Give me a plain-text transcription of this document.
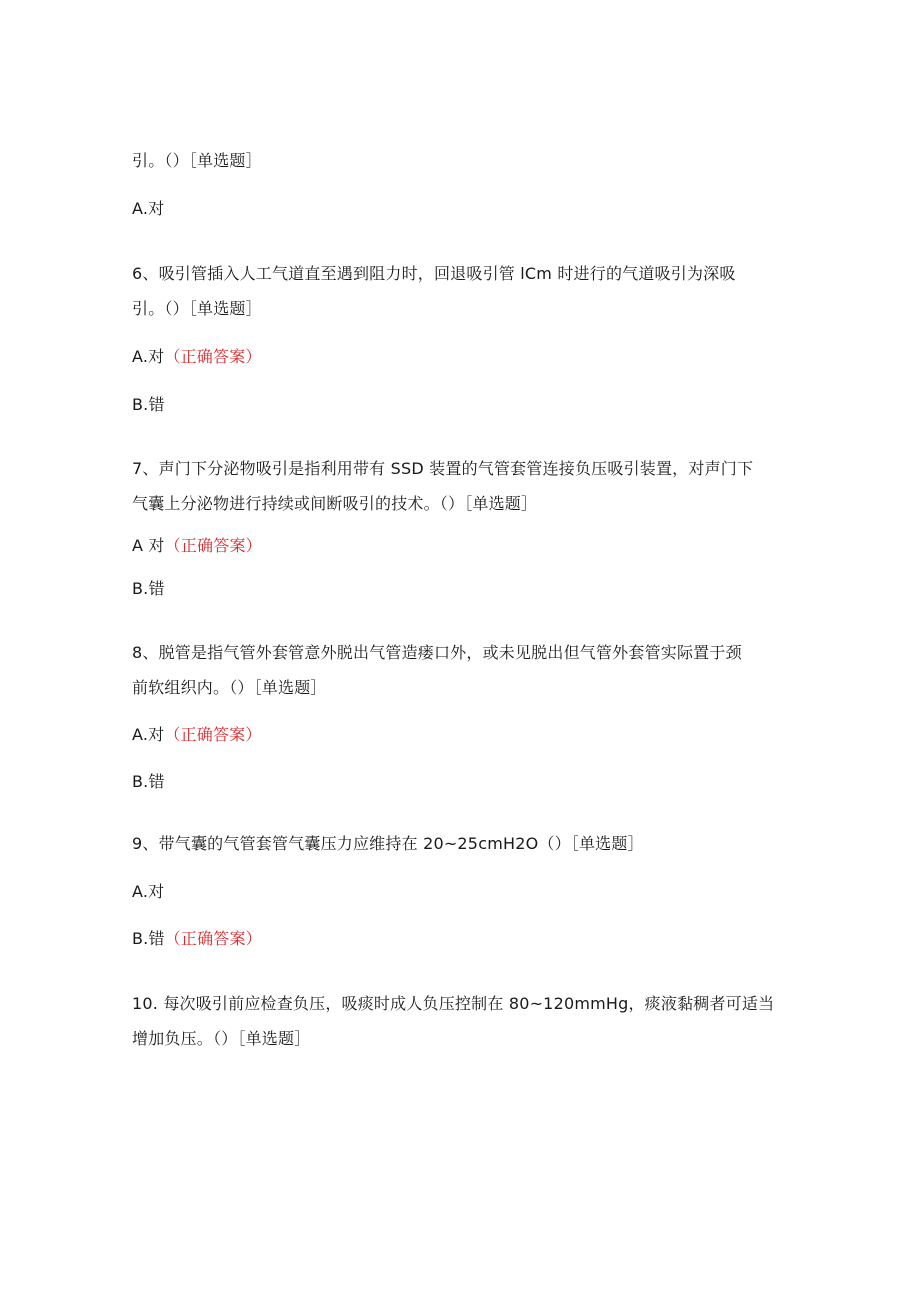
引。（）［单选题］
A.对
6、吸引管插入人工气道直至遇到阻力时，回退吸引管 lCm 时进行的气道吸引为深吸
引。（）［单选题］
A.对（正确答案）
B.错
7、声门下分泌物吸引是指利用带有 SSD 装置的气管套管连接负压吸引装置，对声门下
气囊上分泌物进行持续或间断吸引的技术。（）［单选题］
A 对（正确答案）
B.错
8、脱管是指气管外套管意外脱出气管造瘘口外，或未见脱出但气管外套管实际置于颈
前软组织内。（）［单选题］
A.对（正确答案）
B.错
9、带气囊的气管套管气囊压力应维持在 20~25cmH2O（）［单选题］
A.对
B.错（正确答案）
10. 每次吸引前应检查负压，吸痰时成人负压控制在 80~120mmHg，痰液黏稠者可适当
增加负压。（）［单选题］
